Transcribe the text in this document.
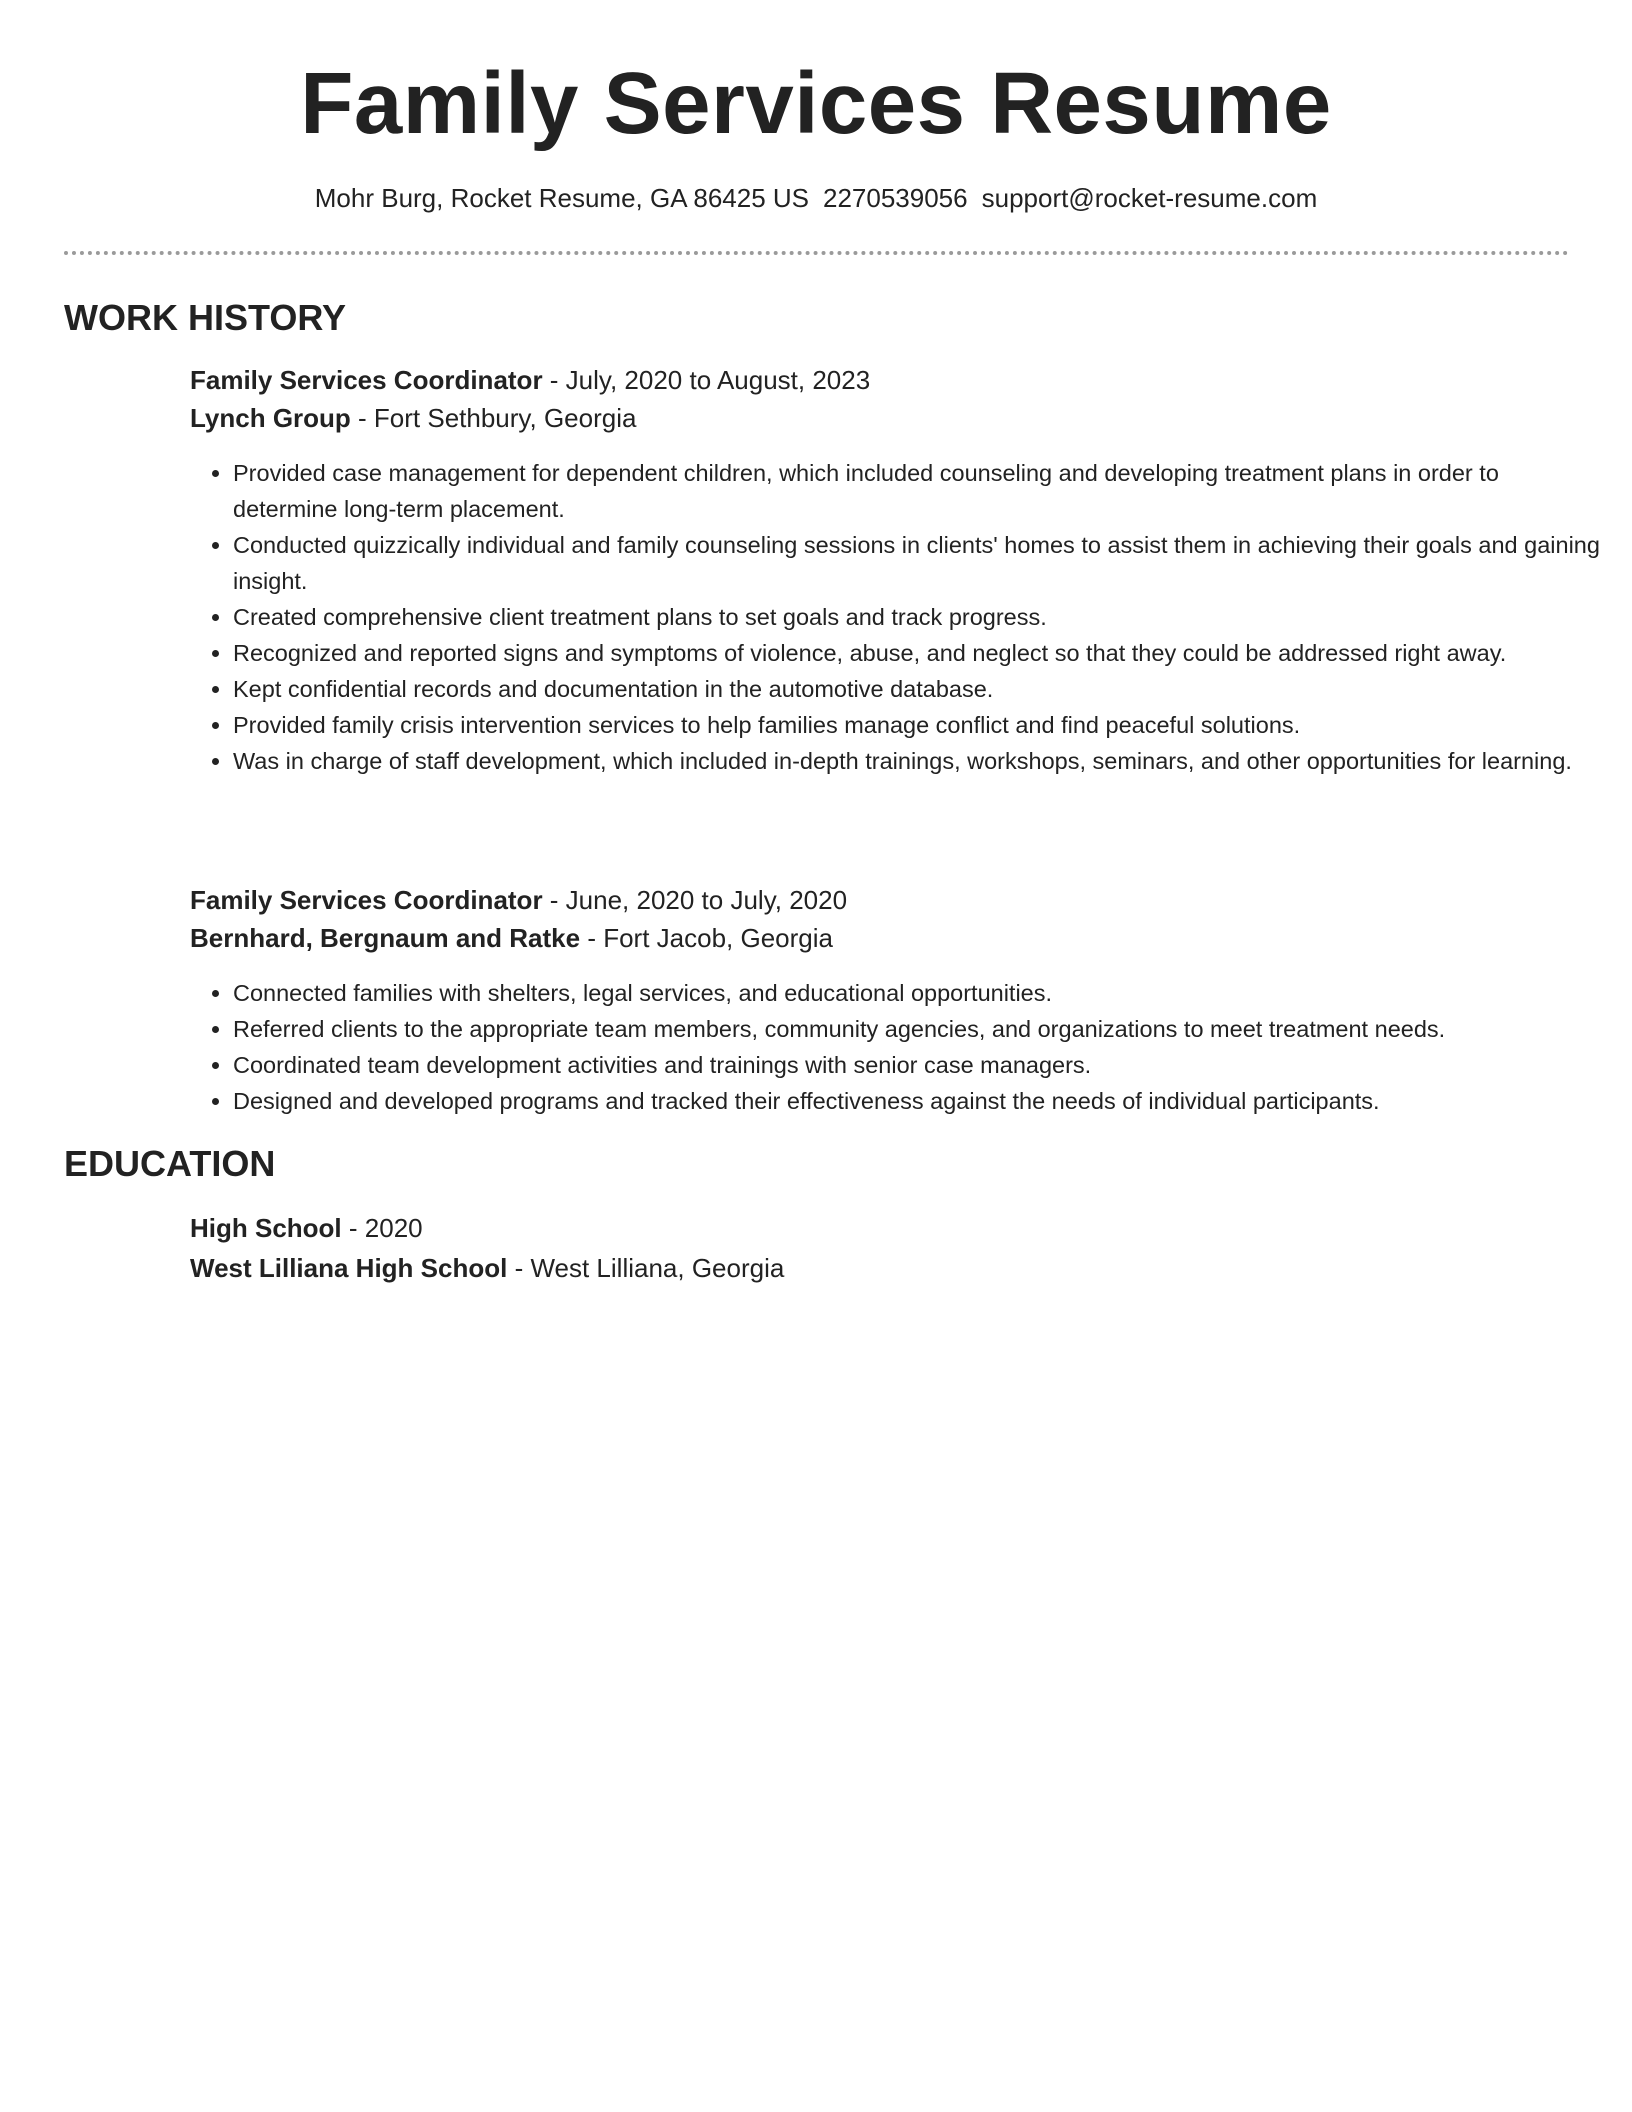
Family Services Resume
Mohr Burg, Rocket Resume, GA 86425 US 2270539056 support@rocket-resume.com
WORK HISTORY
Family Services Coordinator - July, 2020 to August, 2023
Lynch Group - Fort Sethbury, Georgia
• Provided case management for dependent children, which included counseling and developing treatment plans in order to determine long-term placement.
• Conducted quizzically individual and family counseling sessions in clients' homes to assist them in achieving their goals and gaining insight.
• Created comprehensive client treatment plans to set goals and track progress.
• Recognized and reported signs and symptoms of violence, abuse, and neglect so that they could be addressed right away.
• Kept confidential records and documentation in the automotive database.
• Provided family crisis intervention services to help families manage conflict and find peaceful solutions.
• Was in charge of staff development, which included in-depth trainings, workshops, seminars, and other opportunities for learning.
Family Services Coordinator - June, 2020 to July, 2020
Bernhard, Bergnaum and Ratke - Fort Jacob, Georgia
• Connected families with shelters, legal services, and educational opportunities.
• Referred clients to the appropriate team members, community agencies, and organizations to meet treatment needs.
• Coordinated team development activities and trainings with senior case managers.
• Designed and developed programs and tracked their effectiveness against the needs of individual participants.
EDUCATION
High School - 2020
West Lilliana High School - West Lilliana, Georgia
